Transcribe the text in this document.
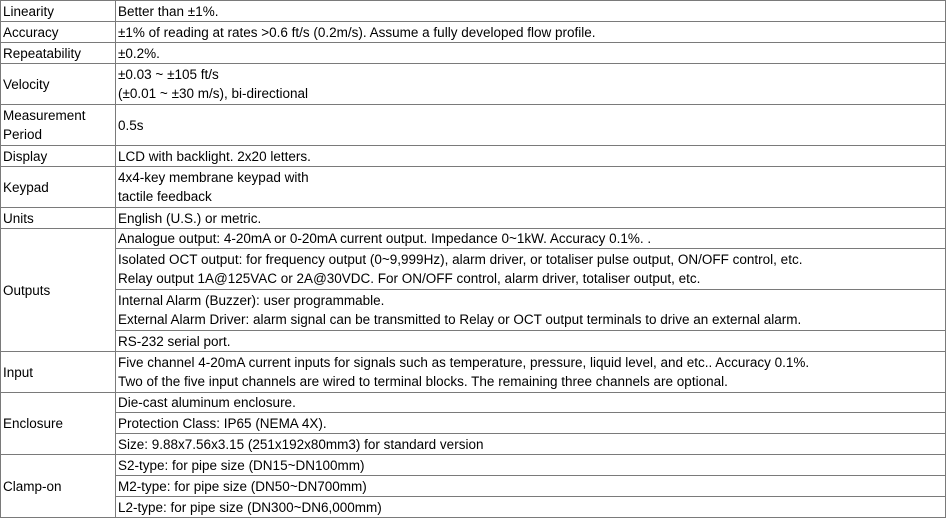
Linearity	Better than ±1%.
Accuracy	±1% of reading at rates >0.6 ft/s (0.2m/s). Assume a fully developed flow profile.
Repeatability	±0.2%.
Velocity	±0.03 ~ ±105 ft/s
(±0.01 ~ ±30 m/s), bi-directional

Measurement
Period	0.5s
Display	LCD with backlight. 2x20 letters.
Keypad	4x4-key membrane keypad with
tactile feedback

Units	English (U.S.) or metric.
Outputs	Analogue output: 4-20mA or 0-20mA current output. Impedance 0~1kW. Accuracy 0.1%. .

	Isolated OCT output: for frequency output (0~9,999Hz), alarm driver, or totaliser pulse output, ON/OFF control, etc.
Relay output 1A@125VAC or 2A@30VDC. For ON/OFF control, alarm driver, totaliser output, etc.

	Internal Alarm (Buzzer): user programmable.
External Alarm Driver: alarm signal can be transmitted to Relay or OCT output terminals to drive an external alarm.

	RS-232 serial port.
Input	Five channel 4-20mA current inputs for signals such as temperature, pressure, liquid level, and etc.. Accuracy 0.1%.
Two of the five input channels are wired to terminal blocks. The remaining three channels are optional.

Enclosure	Die-cast aluminum enclosure.
	Protection Class: IP65 (NEMA 4X).
	Size: 9.88x7.56x3.15 (251x192x80mm3) for standard version
Clamp-on	S2-type: for pipe size (DN15~DN100mm)
	M2-type: for pipe size (DN50~DN700mm)
	L2-type: for pipe size (DN300~DN6,000mm)
